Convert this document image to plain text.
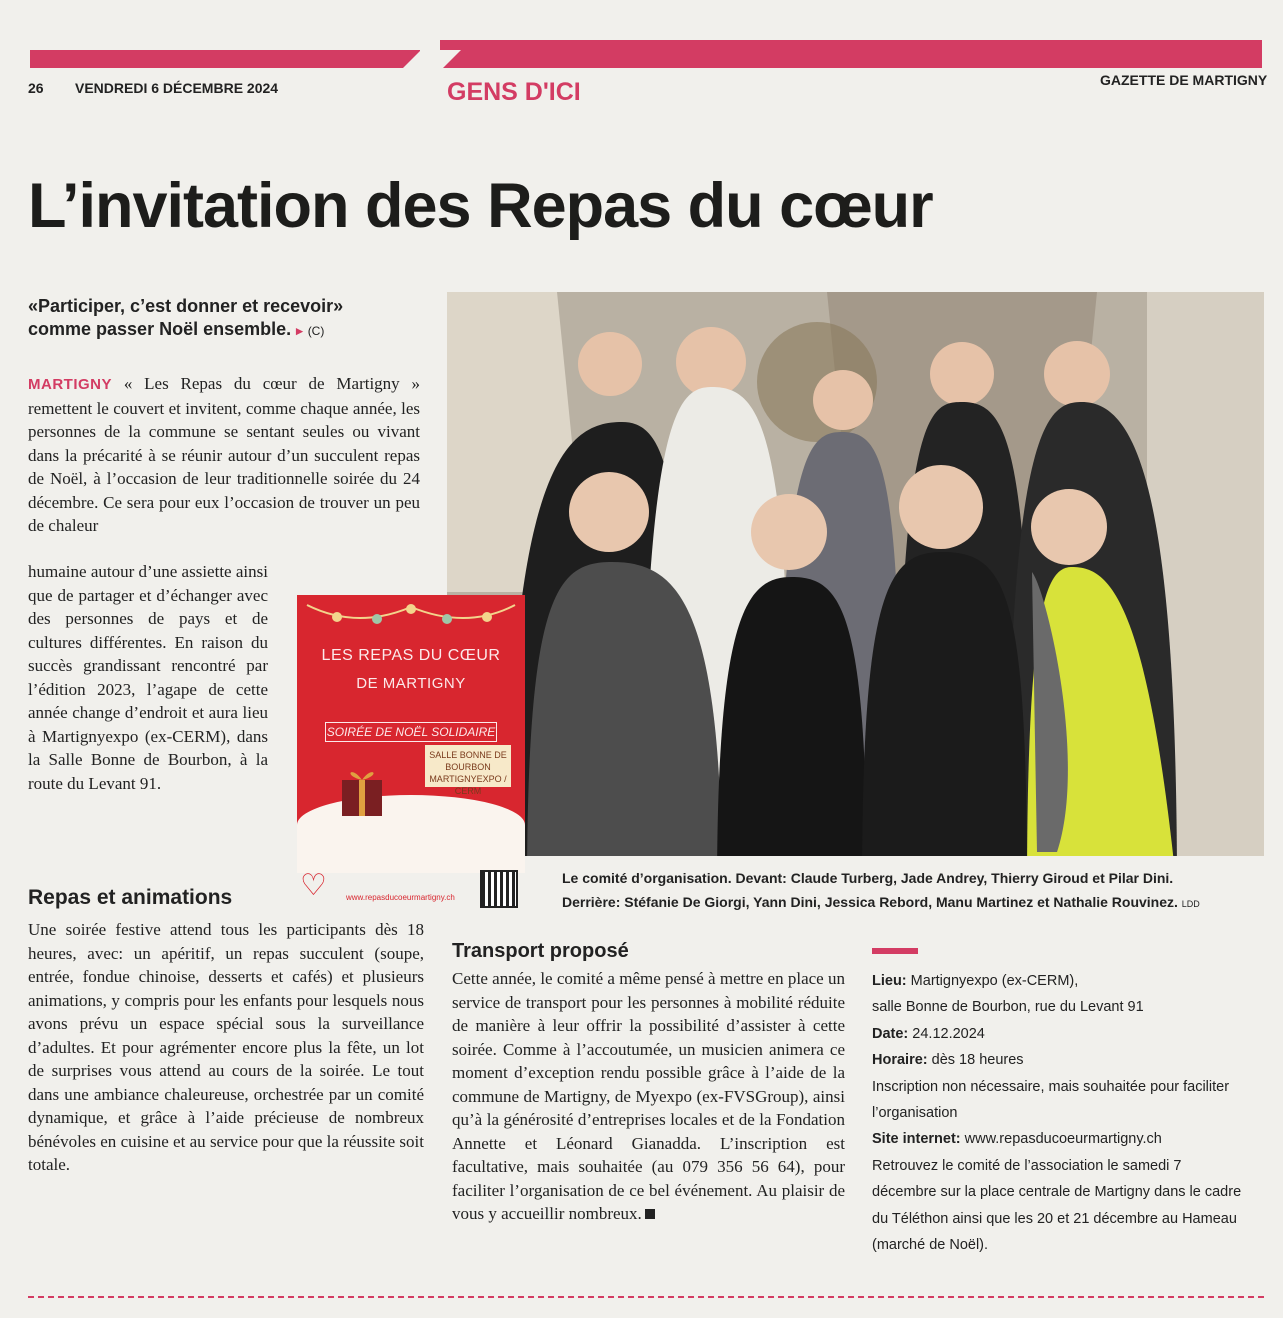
26 VENDREDI 6 DÉCEMBRE 2024	GENS D'ICI	GAZETTE DE MARTIGNY
L’invitation des Repas du cœur
«Participer, c’est donner et recevoir»
comme passer Noël ensemble. ▸ (C)

MARTIGNY « Les Repas du cœur de Martigny » remettent le couvert et invitent, comme chaque année, les personnes de la commune se sentant seules ou vivant dans la précarité à se réunir autour d’un succulent repas de Noël, à l’occasion de leur traditionnelle soirée du 24 décembre. Ce sera pour eux l’occasion de trouver un peu de chaleur

humaine autour d’une assiette ainsi que de partager et d’échanger avec des personnes de pays et de cultures différentes. En raison du succès grandissant rencontré par l’édition 2023, l’agape de cette année change d’endroit et aura lieu à Martignyexpo (ex-CERM), dans la Salle Bonne de Bourbon, à la route du Levant 91.

Le comité d’organisation. Devant: Claude Turberg, Jade Andrey, Thierry Giroud et Pilar Dini.
Derrière: Stéfanie De Giorgi, Yann Dini, Jessica Rebord, Manu Martinez et Nathalie Rouvinez. LDD
LES REPAS DU CŒUR
DE MARTIGNY
SOIRÉE DE NOËL SOLIDAIRE
SALLE BONNE DE BOURBON MARTIGNYEXPO / CERM
♡	www.repasducoeurmartigny.ch
Repas et animations

Une soirée festive attend tous les participants dès 18 heures, avec: un apéritif, un repas succulent (soupe, entrée, fondue chinoise, desserts et cafés) et plusieurs animations, y compris pour les enfants pour lesquels nous avons prévu un espace spécial sous la surveillance d’adultes. Et pour agrémenter encore plus la fête, un lot de surprises vous attend au cours de la soirée. Le tout dans une ambiance chaleureuse, orchestrée par un comité dynamique, et grâce à l’aide précieuse de nombreux bénévoles en cuisine et au service pour que la réussite soit totale.

Transport proposé

Cette année, le comité a même pensé à mettre en place un service de transport pour les personnes à mobilité réduite de manière à leur offrir la possibilité d’assister à cette soirée. Comme à l’accoutumée, un musicien animera ce moment d’exception rendu possible grâce à l’aide de la commune de Martigny, de Myexpo (ex-FVSGroup), ainsi qu’à la générosité d’entreprises locales et de la Fondation Annette et Léonard Gianadda. L’inscription est facultative, mais souhaitée (au 079 356 56 64), pour faciliter l’organisation de ce bel événement. Au plaisir de vous y accueillir nombreux.

Lieu: Martignyexpo (ex-CERM),
salle Bonne de Bourbon, rue du Levant 91
Date: 24.12.2024
Horaire: dès 18 heures
Inscription non nécessaire, mais souhaitée pour faciliter l’organisation
Site internet: www.repasducoeurmartigny.ch
Retrouvez le comité de l’association le samedi 7 décembre sur la place centrale de Martigny dans le cadre du Téléthon ainsi que les 20 et 21 décembre au Hameau (marché de Noël).
